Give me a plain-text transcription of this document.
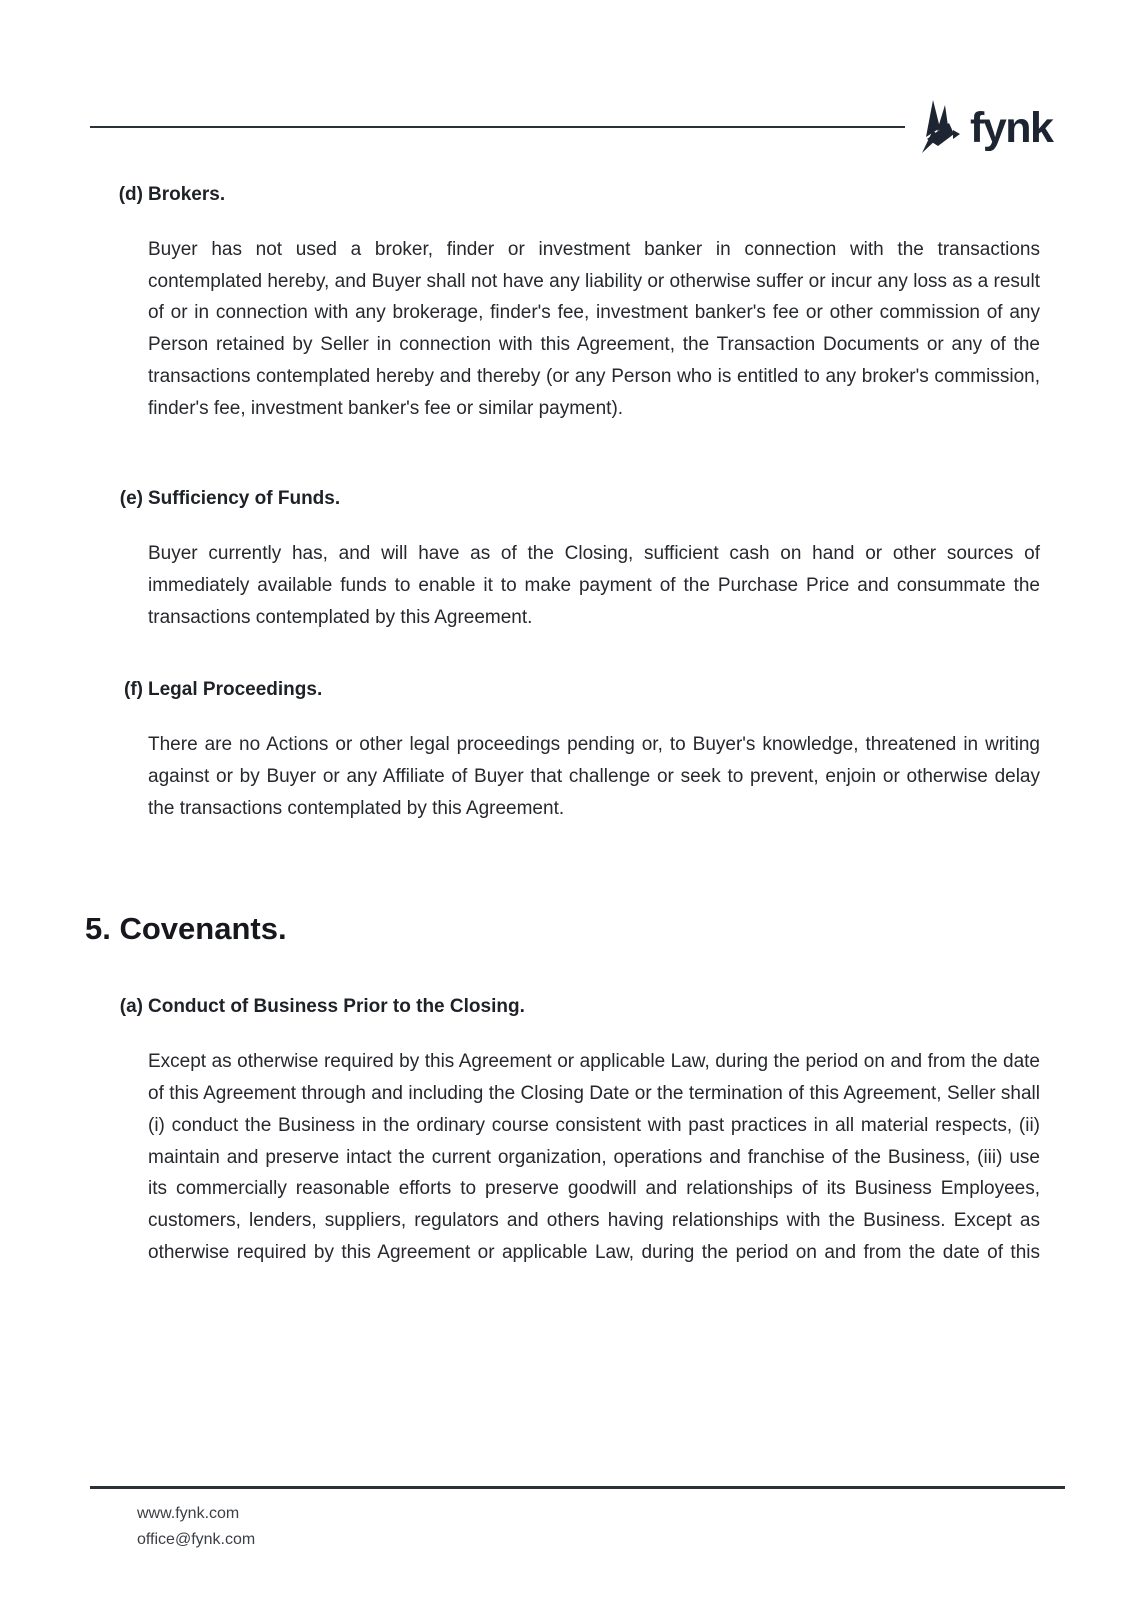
fynk
(d) Brokers.

Buyer has not used a broker, finder or investment banker in connection with the transactions contemplated hereby, and Buyer shall not have any liability or otherwise suffer or incur any loss as a result of or in connection with any brokerage, finder's fee, investment banker's fee or other commission of any Person retained by Seller in connection with this Agreement, the Transaction Documents or any of the transactions contemplated hereby and thereby (or any Person who is entitled to any broker's commission, finder's fee, investment banker's fee or similar payment).

(e) Sufficiency of Funds.

Buyer currently has, and will have as of the Closing, sufficient cash on hand or other sources of immediately available funds to enable it to make payment of the Purchase Price and consummate the transactions contemplated by this Agreement.

(f) Legal Proceedings.

There are no Actions or other legal proceedings pending or, to Buyer's knowledge, threatened in writing against or by Buyer or any Affiliate of Buyer that challenge or seek to prevent, enjoin or otherwise delay the transactions contemplated by this Agreement.

5. Covenants.
(a) Conduct of Business Prior to the Closing.

Except as otherwise required by this Agreement or applicable Law, during the period on and from the date of this Agreement through and including the Closing Date or the termination of this Agreement, Seller shall (i) conduct the Business in the ordinary course consistent with past practices in all material respects, (ii) maintain and preserve intact the current organization, operations and franchise of the Business, (iii) use its commercially reasonable efforts to preserve goodwill and relationships of its Business Employees, customers, lenders, suppliers, regulators and others having relationships with the Business. Except as otherwise required by this Agreement or applicable Law, during the period on and from the date of this

www.fynk.com
office@fynk.com
